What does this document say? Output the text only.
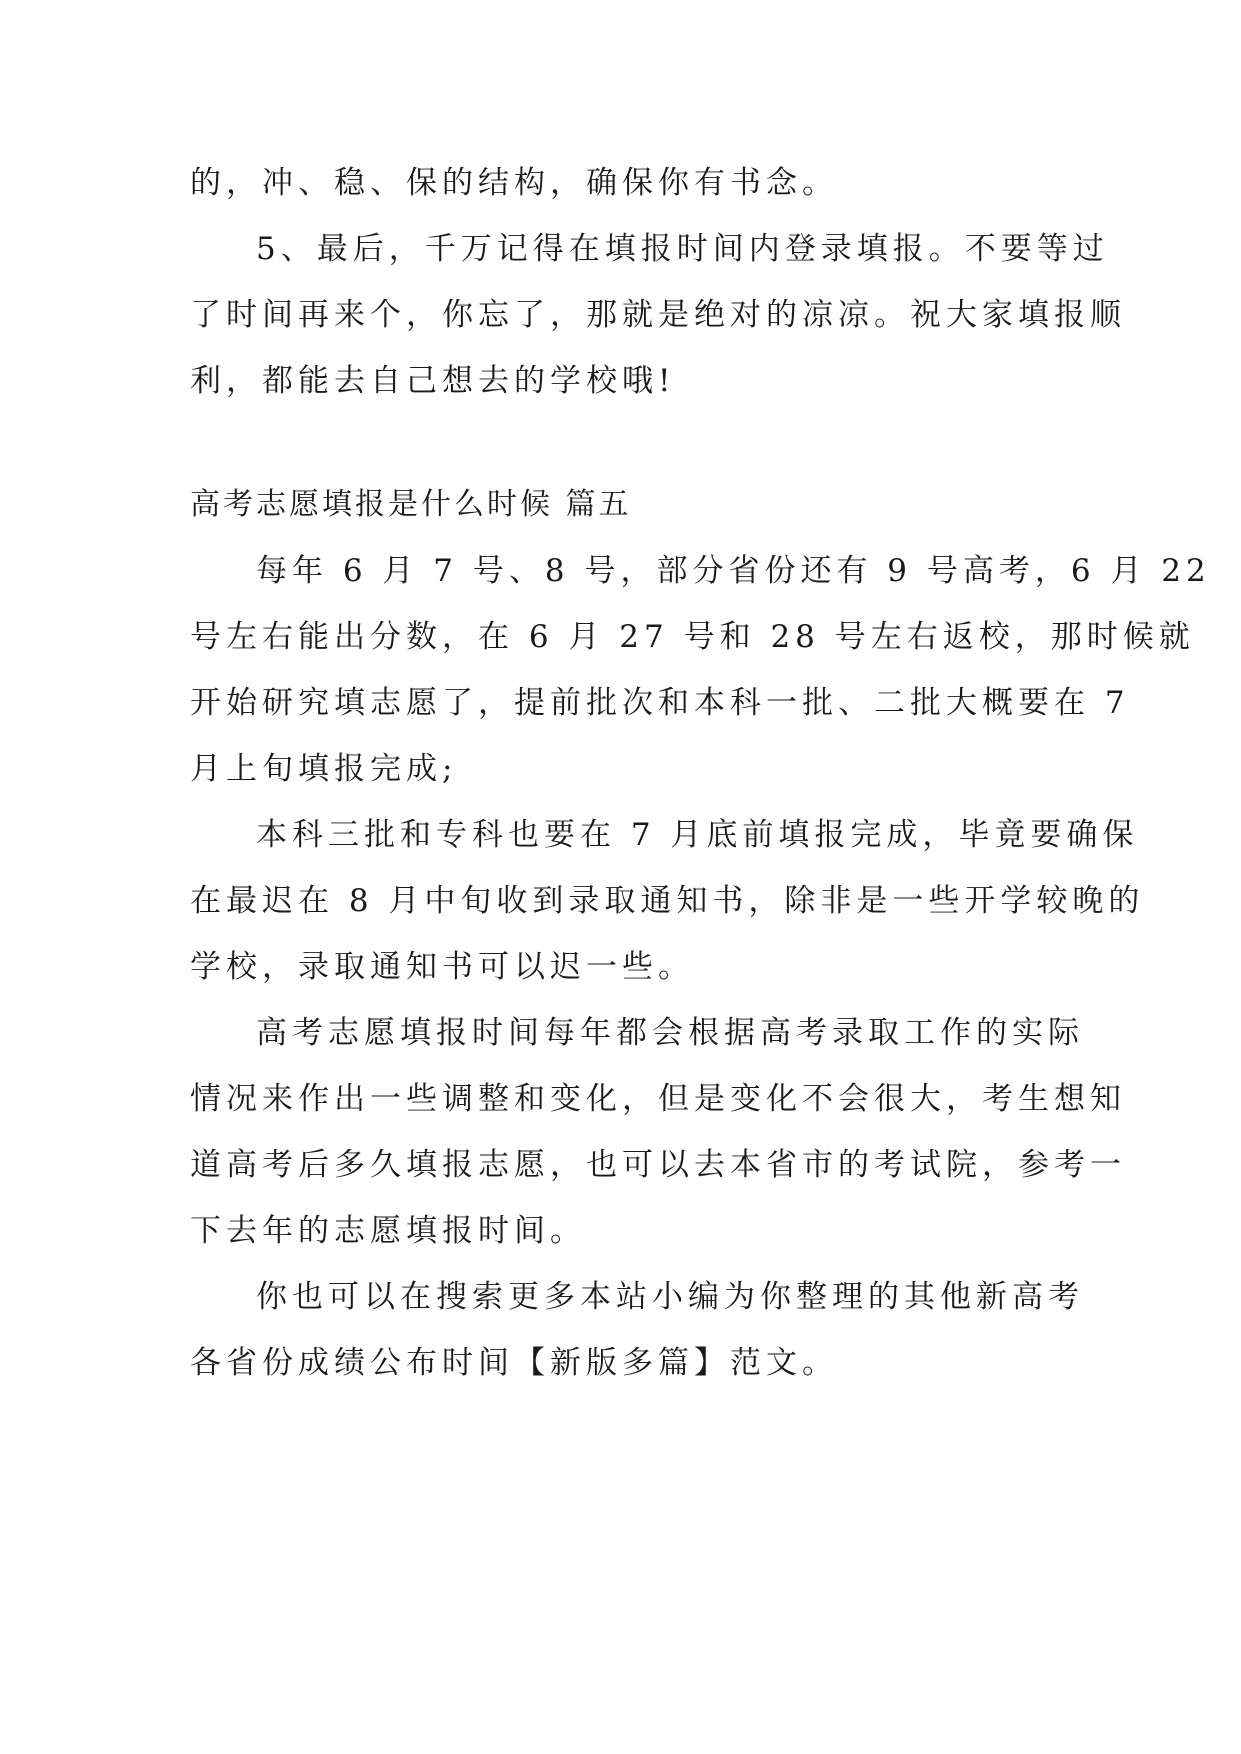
的，冲、稳、保的结构，确保你有书念。
5、最后，千万记得在填报时间内登录填报。不要等过
了时间再来个，你忘了，那就是绝对的凉凉。祝大家填报顺
利，都能去自己想去的学校哦!
高考志愿填报是什么时候 篇五
每年 6 月 7 号、8 号，部分省份还有 9 号高考，6 月 22
号左右能出分数，在 6 月 27 号和 28 号左右返校，那时候就
开始研究填志愿了，提前批次和本科一批、二批大概要在 7
月上旬填报完成;
本科三批和专科也要在 7 月底前填报完成，毕竟要确保
在最迟在 8 月中旬收到录取通知书，除非是一些开学较晚的
学校，录取通知书可以迟一些。
高考志愿填报时间每年都会根据高考录取工作的实际
情况来作出一些调整和变化，但是变化不会很大，考生想知
道高考后多久填报志愿，也可以去本省市的考试院，参考一
下去年的志愿填报时间。
你也可以在搜索更多本站小编为你整理的其他新高考
各省份成绩公布时间【新版多篇】范文。
